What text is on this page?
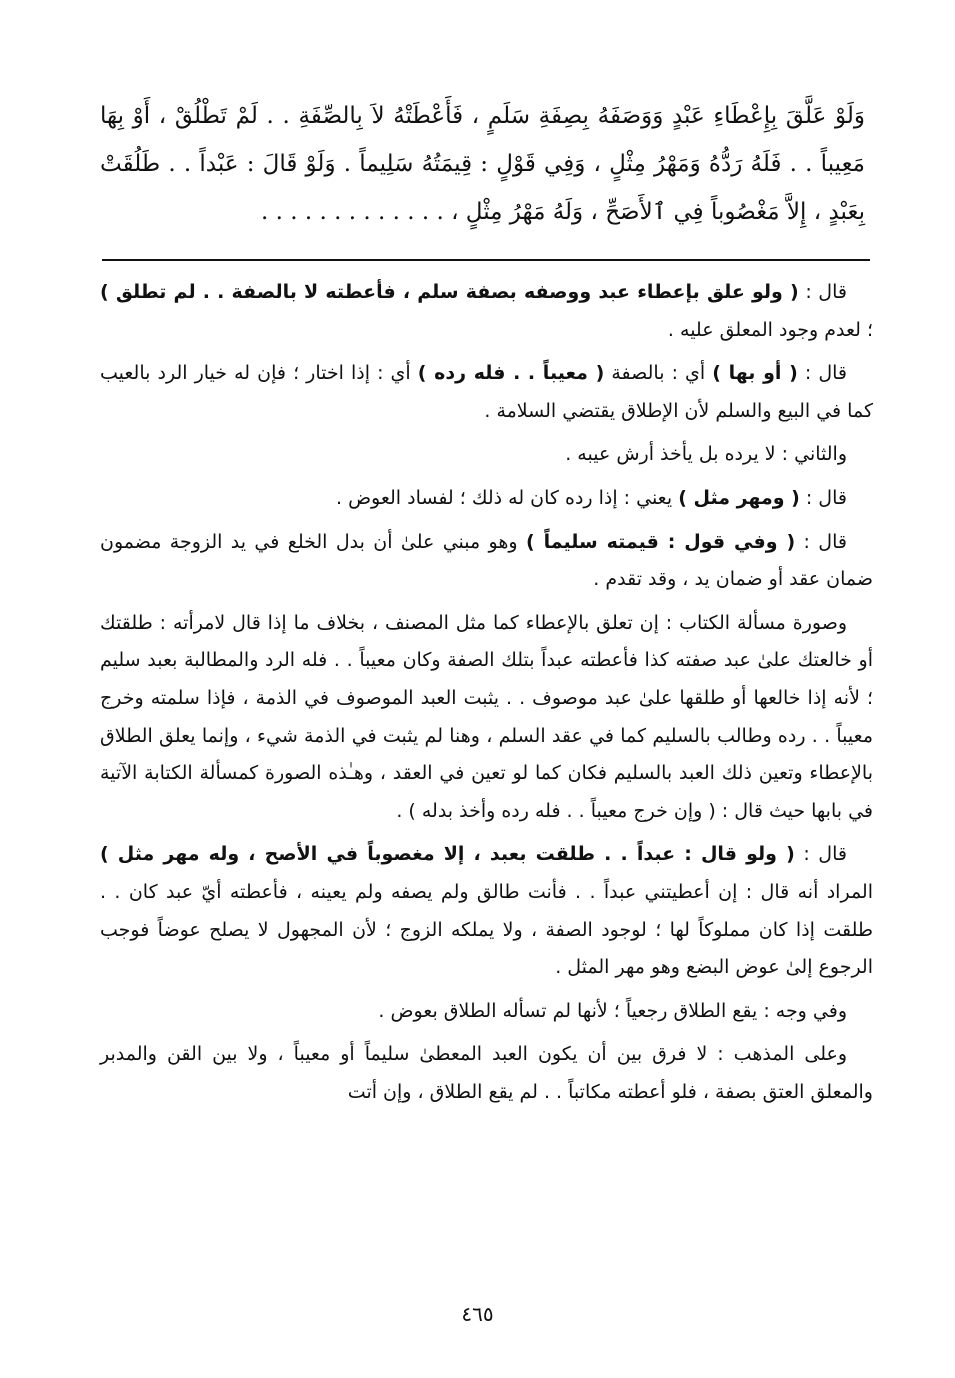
وَلَوْ عَلَّقَ بِإِعْطَاءِ عَبْدٍ وَوَصَفَهُ بِصِفَةِ سَلَمٍ ، فَأَعْطَتْهُ لاَ بِالصِّفَةِ . . لَمْ تَطْلُقْ ، أَوْ بِهَا مَعِيباً . . فَلَهُ رَدُّهُ وَمَهْرُ مِثْلٍ ، وَفِي قَوْلٍ : قِيمَتُهُ سَلِيماً . وَلَوْ قَالَ : عَبْداً . . طَلُقَتْ بِعَبْدٍ ، إِلاَّ مَغْصُوباً فِي ٱلأَصَحِّ ، وَلَهُ مَهْرُ مِثْلٍ ، . . . . . . . . . . . . .

قال : ( ولو علق بإعطاء عبد ووصفه بصفة سلم ، فأعطته لا بالصفة . . لم تطلق ) ؛ لعدم وجود المعلق عليه .

قال : ( أو بها ) أي : بالصفة ( معيباً . . فله رده ) أي : إذا اختار ؛ فإن له خيار الرد بالعيب كما في البيع والسلم لأن الإطلاق يقتضي السلامة .

والثاني : لا يرده بل يأخذ أرش عيبه .

قال : ( ومهر مثل ) يعني : إذا رده كان له ذلك ؛ لفساد العوض .

قال : ( وفي قول : قيمته سليماً ) وهو مبني علىٰ أن بدل الخلع في يد الزوجة مضمون ضمان عقد أو ضمان يد ، وقد تقدم .

وصورة مسألة الكتاب : إن تعلق بالإعطاء كما مثل المصنف ، بخلاف ما إذا قال لامرأته : طلقتك أو خالعتك علىٰ عبد صفته كذا فأعطته عبداً بتلك الصفة وكان معيباً . . فله الرد والمطالبة بعبد سليم ؛ لأنه إذا خالعها أو طلقها علىٰ عبد موصوف . . يثبت العبد الموصوف في الذمة ، فإذا سلمته وخرج معيباً . . رده وطالب بالسليم كما في عقد السلم ، وهنا لم يثبت في الذمة شيء ، وإنما يعلق الطلاق بالإعطاء وتعين ذلك العبد بالسليم فكان كما لو تعين في العقد ، وهـٰذه الصورة كمسألة الكتابة الآتية في بابها حيث قال : ( وإن خرج معيباً . . فله رده وأخذ بدله ) .

قال : ( ولو قال : عبداً . . طلقت بعبد ، إلا مغصوباً في الأصح ، وله مهر مثل ) المراد أنه قال : إن أعطيتني عبداً . . فأنت طالق ولم يصفه ولم يعينه ، فأعطته أيّ عبد كان . . طلقت إذا كان مملوكاً لها ؛ لوجود الصفة ، ولا يملكه الزوج ؛ لأن المجهول لا يصلح عوضاً فوجب الرجوع إلىٰ عوض البضع وهو مهر المثل .

وفي وجه : يقع الطلاق رجعياً ؛ لأنها لم تسأله الطلاق بعوض .

وعلى المذهب : لا فرق بين أن يكون العبد المعطىٰ سليماً أو معيباً ، ولا بين القن والمدبر والمعلق العتق بصفة ، فلو أعطته مكاتباً . . لم يقع الطلاق ، وإن أتت

٤٦٥
